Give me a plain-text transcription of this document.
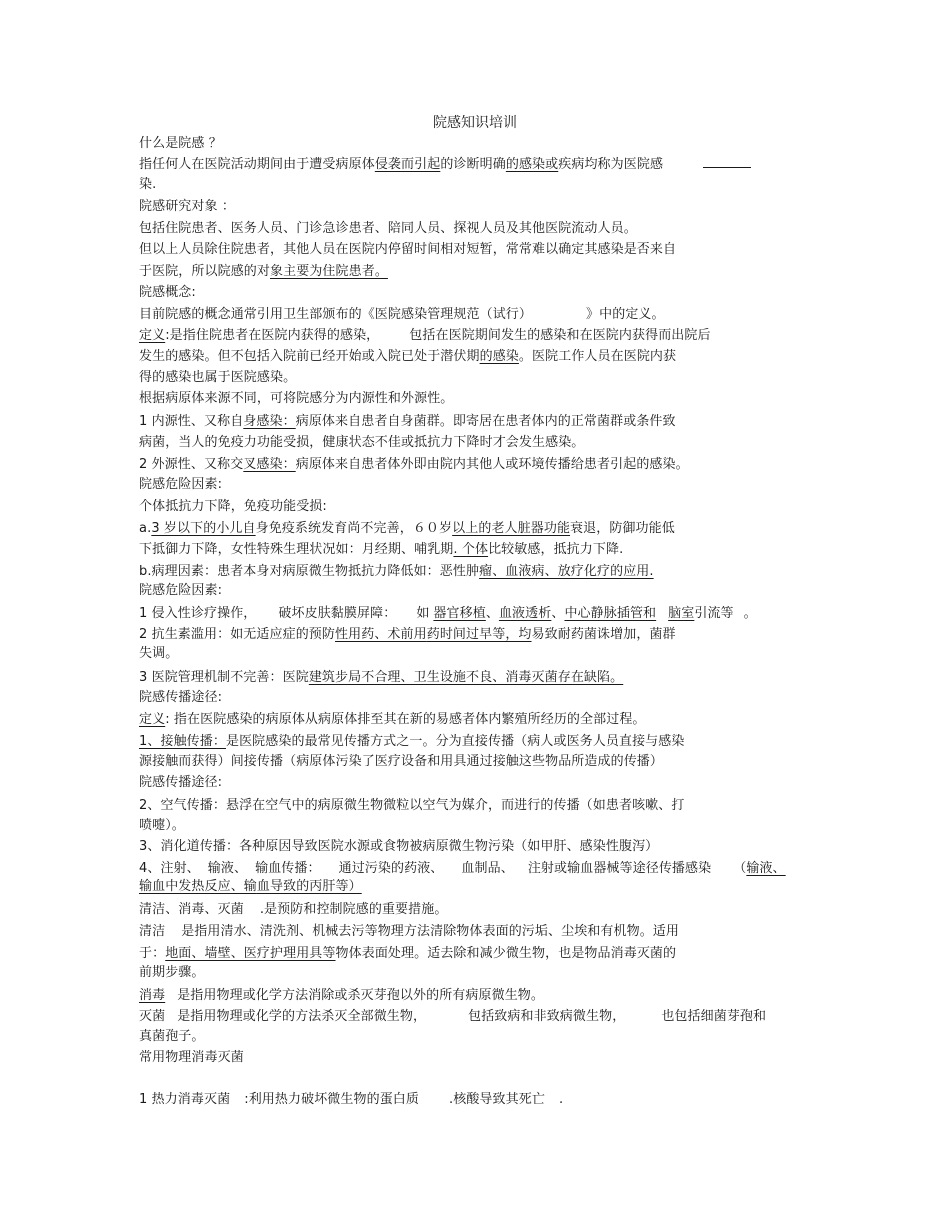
院感知识培训
什么是院感 ？
指任何人在医院活动期间由于遭受病原体侵袭而引起的诊断明确的感染或疾病均称为医院感
染.
院感研究对象 ：
包括住院患者、医务人员、门诊急诊患者、陪同人员、探视人员及其他医院流动人员。
但以上人员除住院患者，其他人员在医院内停留时间相对短暂，常常难以确定其感染是否来自
于医院，所以院感的对象主要为住院患者。
院感概念:
目前院感的概念通常引用卫生部颁布的《医院感染管理规范（试行）	》中的定义。
定义:是指住院患者在医院内获得的感染， 包括在医院期间发生的感染和在医院内获得而出院后
发生的感染。但不包括入院前已经开始或入院已处于潜伏期的感染。医院工作人员在医院内获
得的感染也属于医院感染。
根据病原体来源不同，可将院感分为内源性和外源性。
1 内源性、又称自身感染：病原体来自患者自身菌群。即寄居在患者体内的正常菌群或条件致
病菌，当人的免疫力功能受损，健康状态不佳或抵抗力下降时才会发生感染。
2 外源性、又称交叉感染：病原体来自患者体外即由院内其他人或环境传播给患者引起的感染。
院感危险因素:
个体抵抗力下降，免疫功能受损:
a.3 岁以下的小儿自身免疫系统发育尚不完善，６０岁以上的老人脏器功能衰退，防御功能低
下抵御力下降，女性特殊生理状况如：月经期、哺乳期. 个体比较敏感，抵抗力下降.
b.病理因素：患者本身对病原微生物抵抗力降低如：恶性肿瘤、血液病、放疗化疗的应用.
院感危险因素:
1 侵入性诊疗操作， 破坏皮肤黏膜屏障： 如 器官移植、血液透析、中心静脉插管和 脑室引流等 。
2 抗生素滥用：如无适应症的预防性用药、术前用药时间过早等，均易致耐药菌诛增加，菌群
失调。
3 医院管理机制不完善：医院建筑步局不合理、卫生设施不良、消毒灭菌存在缺陷。
院感传播途径:
定义: 指在医院感染的病原体从病原体排至其在新的易感者体内繁殖所经历的全部过程。
1、接触传播：是医院感染的最常见传播方式之一。分为直接传播（病人或医务人员直接与感染
源接触而获得）间接传播（病原体污染了医疗设备和用具通过接触这些物品所造成的传播）
院感传播途径:
2、空气传播：悬浮在空气中的病原微生物微粒以空气为媒介，而进行的传播（如患者咳嗽、打
喷嚏）。
3、消化道传播：各种原因导致医院水源或食物被病原微生物污染（如甲肝、感染性腹泻）
4、注射、 输液、 输血传播： 通过污染的药液、 血制品、 注射或输血器械等途径传播感染 （输液、
输血中发热反应、输血导致的丙肝等）
清洁、消毒、灭菌 .是预防和控制院感的重要措施。
清洁 是指用清水、清洗剂、机械去污等物理方法清除物体表面的污垢、尘埃和有机物。适用
于：地面、墙壁、医疗护理用具等物体表面处理。适去除和减少微生物，也是物品消毒灭菌的
前期步骤。
消毒 是指用物理或化学方法消除或杀灭芽孢以外的所有病原微生物。
灭菌 是指用物理或化学的方法杀灭全部微生物，	包括致病和非致病微生物，	也包括细菌芽孢和
真菌孢子。
常用物理消毒灭菌
1 热力消毒灭菌 :利用热力破坏微生物的蛋白质 .核酸导致其死亡 .
